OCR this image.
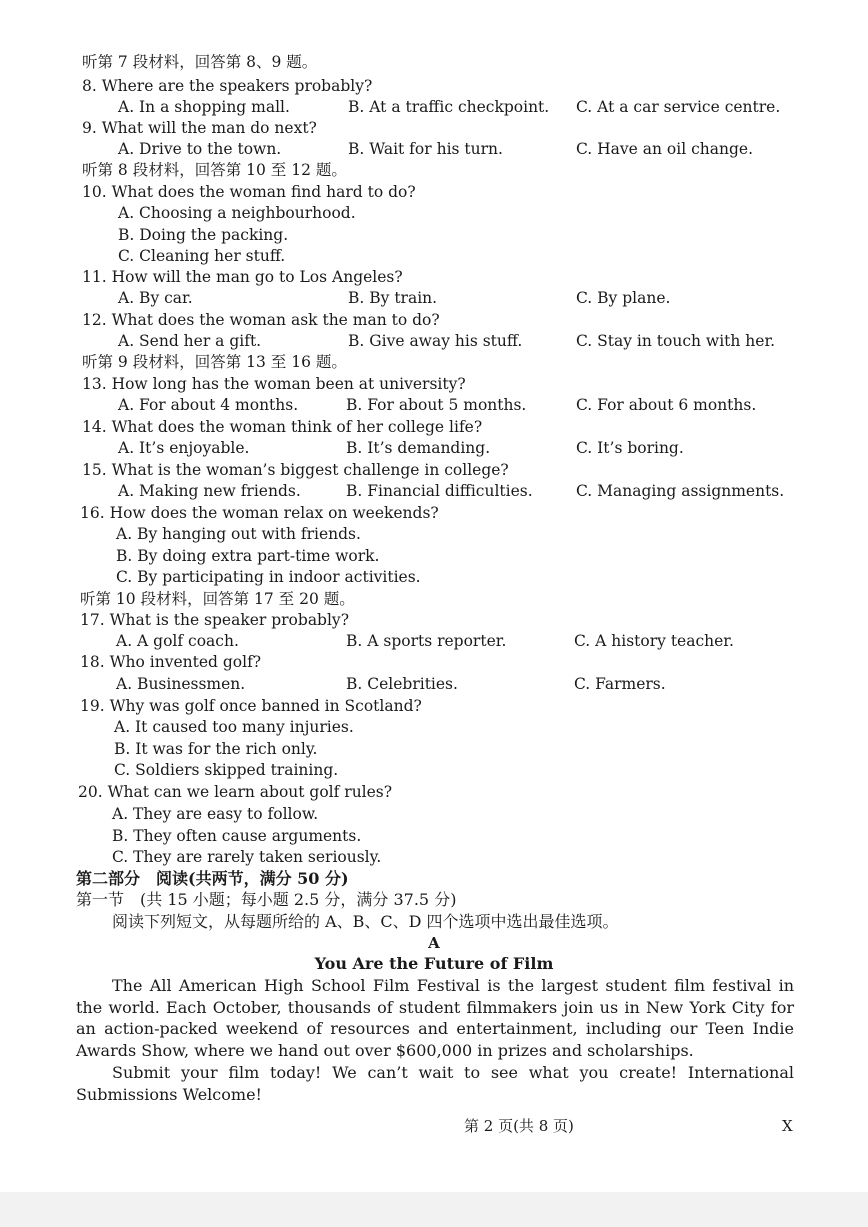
听第 7 段材料，回答第 8、9 题。
8. Where are the speakers probably?
A. In a shopping mall.	B. At a traffic checkpoint. C. At a car service centre.
9. What will the man do next?
A. Drive to the town.	B. Wait for his turn.	C. Have an oil change.
听第 8 段材料，回答第 10 至 12 题。
10. What does the woman find hard to do?
A. Choosing a neighbourhood.
B. Doing the packing.
C. Cleaning her stuff.
11. How will the man go to Los Angeles?
A. By car.	B. By train.	C. By plane.
12. What does the woman ask the man to do?
A. Send her a gift.	B. Give away his stuff.	C. Stay in touch with her.
听第 9 段材料，回答第 13 至 16 题。
13. How long has the woman been at university?
A. For about 4 months.	B. For about 5 months.	C. For about 6 months.
14. What does the woman think of her college life?
A. It’s enjoyable.	B. It’s demanding.	C. It’s boring.
15. What is the woman’s biggest challenge in college?
A. Making new friends.	B. Financial difficulties.	C. Managing assignments.
16. How does the woman relax on weekends?
A. By hanging out with friends.
B. By doing extra part-time work.
C. By participating in indoor activities.
听第 10 段材料，回答第 17 至 20 题。
17. What is the speaker probably?
A. A golf coach.	B. A sports reporter.	C. A history teacher.
18. Who invented golf?
A. Businessmen.	B. Celebrities.	C. Farmers.
19. Why was golf once banned in Scotland?
A. It caused too many injuries.
B. It was for the rich only.
C. Soldiers skipped training.
20. What can we learn about golf rules?
A. They are easy to follow.
B. They often cause arguments.
C. They are rarely taken seriously.
第二部分　阅读(共两节，满分 50 分)
第一节　(共 15 小题；每小题 2.5 分，满分 37.5 分)
阅读下列短文，从每题所给的 A、B、C、D 四个选项中选出最佳选项。
A
You Are the Future of Film
The All American High School Film Festival is the largest student film festival in the world. Each October, thousands of student filmmakers join us in New York City for an action-packed weekend of resources and entertainment, including our Teen Indie Awards Show, where we hand out over $600,000 in prizes and scholarships.
Submit your film today! We can’t wait to see what you create! International Submissions Welcome!
第 2 页(共 8 页)	X
